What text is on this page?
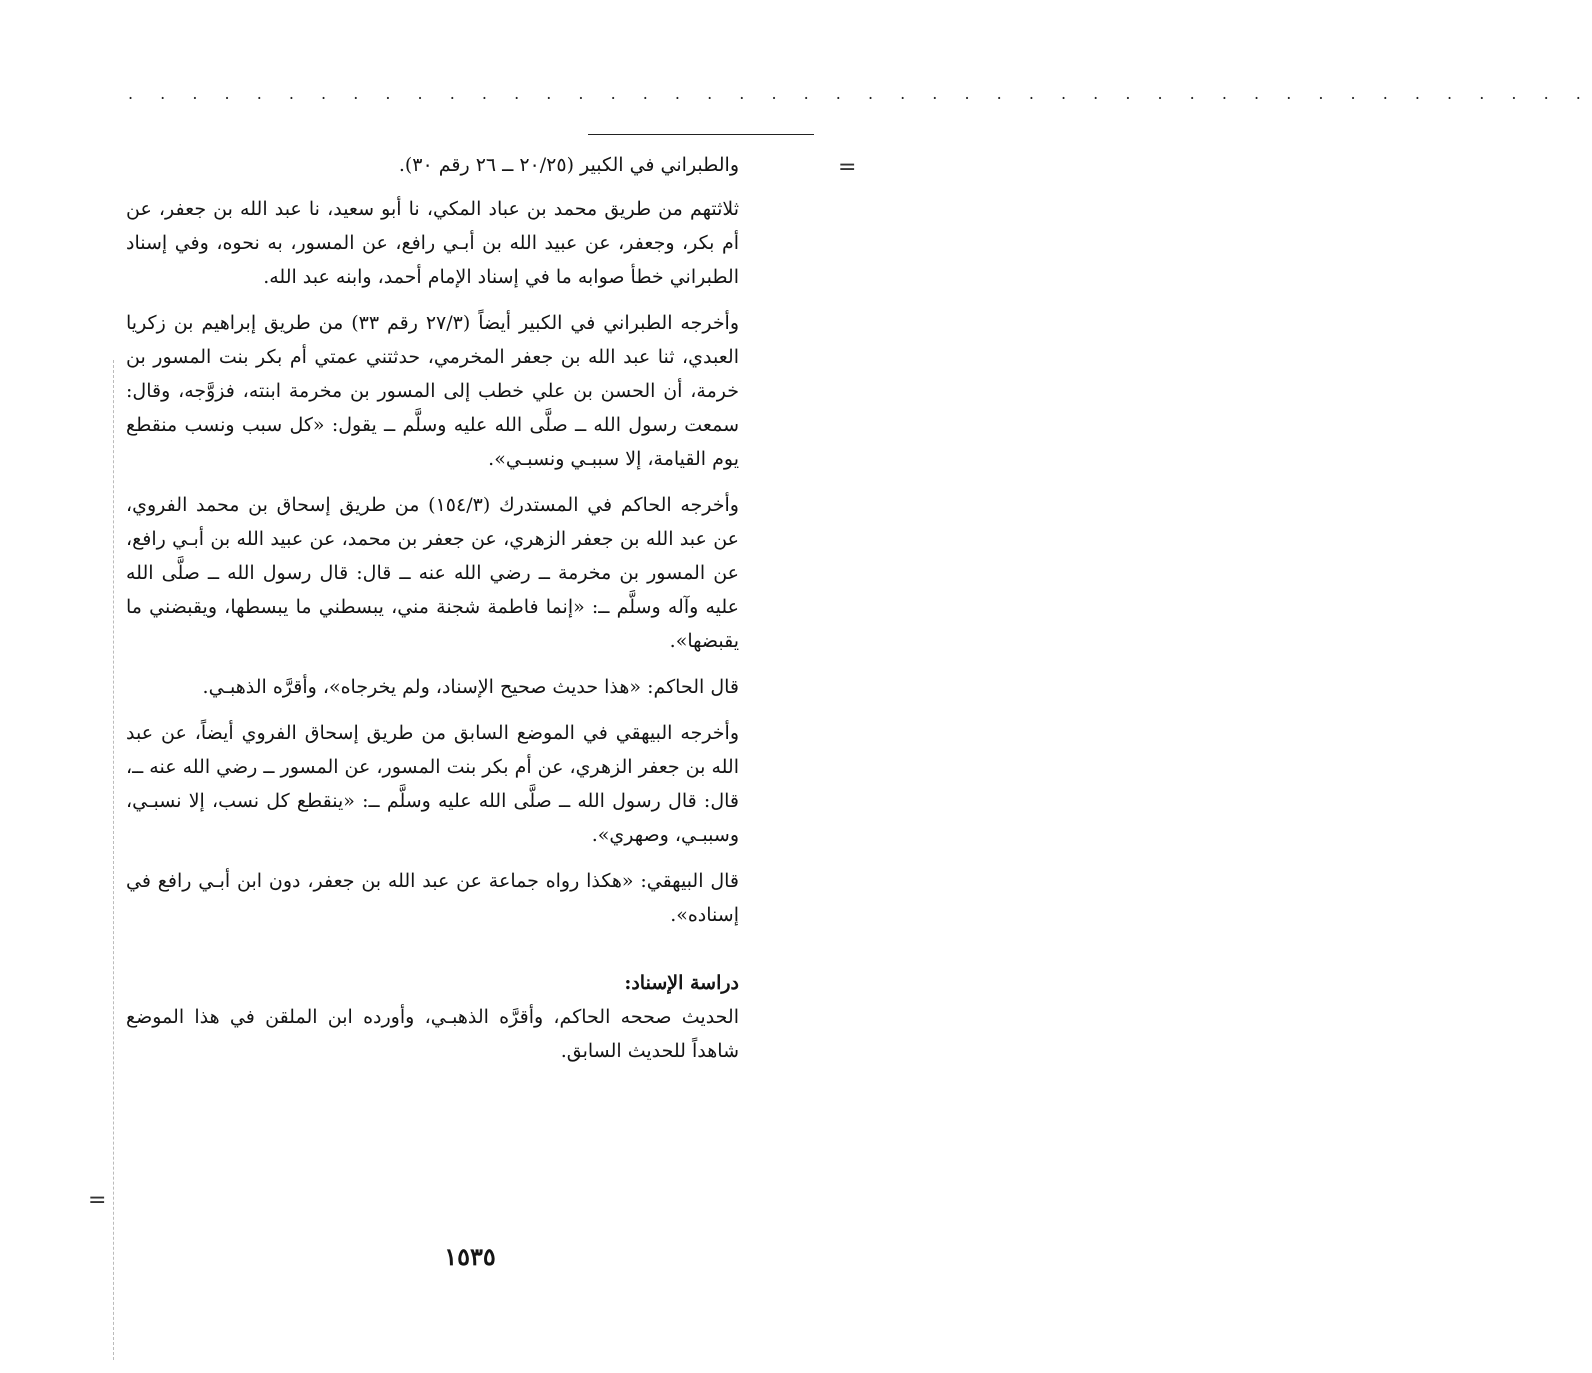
. . . . . . . . . . . . . . . . . . . . . . . . . . . . . . . . . . . . . . . . . . . . . .
=

والطبراني في الكبير (٢٠/٢٥ ــ ٢٦ رقم ٣٠).

ثلاثتهم من طريق محمد بن عباد المكي، نا أبو سعيد، نا عبد الله بن جعفر، عن أم بكر، وجعفر، عن عبيد الله بن أبـي رافع، عن المسور، به نحوه، وفي إسناد الطبراني خطأ صوابه ما في إسناد الإمام أحمد، وابنه عبد الله.

وأخرجه الطبراني في الكبير أيضاً (٢٧/٣ رقم ٣٣) من طريق إبراهيم بن زكريا العبدي، ثنا عبد الله بن جعفر المخرمي، حدثتني عمتي أم بكر بنت المسور بن خرمة، أن الحسن بن علي خطب إلى المسور بن مخرمة ابنته، فزوَّجه، وقال: سمعت رسول الله ــ صلَّى الله عليه وسلَّم ــ يقول: «كل سبب ونسب منقطع يوم القيامة، إلا سببـي ونسبـي».

وأخرجه الحاكم في المستدرك (١٥٤/٣) من طريق إسحاق بن محمد الفروي، عن عبد الله بن جعفر الزهري، عن جعفر بن محمد، عن عبيد الله بن أبـي رافع، عن المسور بن مخرمة ــ رضي الله عنه ــ قال: قال رسول الله ــ صلَّى الله عليه وآله وسلَّم ــ: «إنما فاطمة شجنة مني، يبسطني ما يبسطها، ويقبضني ما يقبضها».

قال الحاكم: «هذا حديث صحيح الإسناد، ولم يخرجاه»، وأقرَّه الذهبـي.

وأخرجه البيهقي في الموضع السابق من طريق إسحاق الفروي أيضاً، عن عبد الله بن جعفر الزهري، عن أم بكر بنت المسور، عن المسور ــ رضي الله عنه ــ، قال: قال رسول الله ــ صلَّى الله عليه وسلَّم ــ: «ينقطع كل نسب، إلا نسبـي، وسببـي، وصهري».

قال البيهقي: «هكذا رواه جماعة عن عبد الله بن جعفر، دون ابن أبـي رافع في إسناده».

دراسة الإسناد:

الحديث صححه الحاكم، وأقرَّه الذهبـي، وأورده ابن الملقن في هذا الموضع شاهداً للحديث السابق.

=
١٥٣٥
